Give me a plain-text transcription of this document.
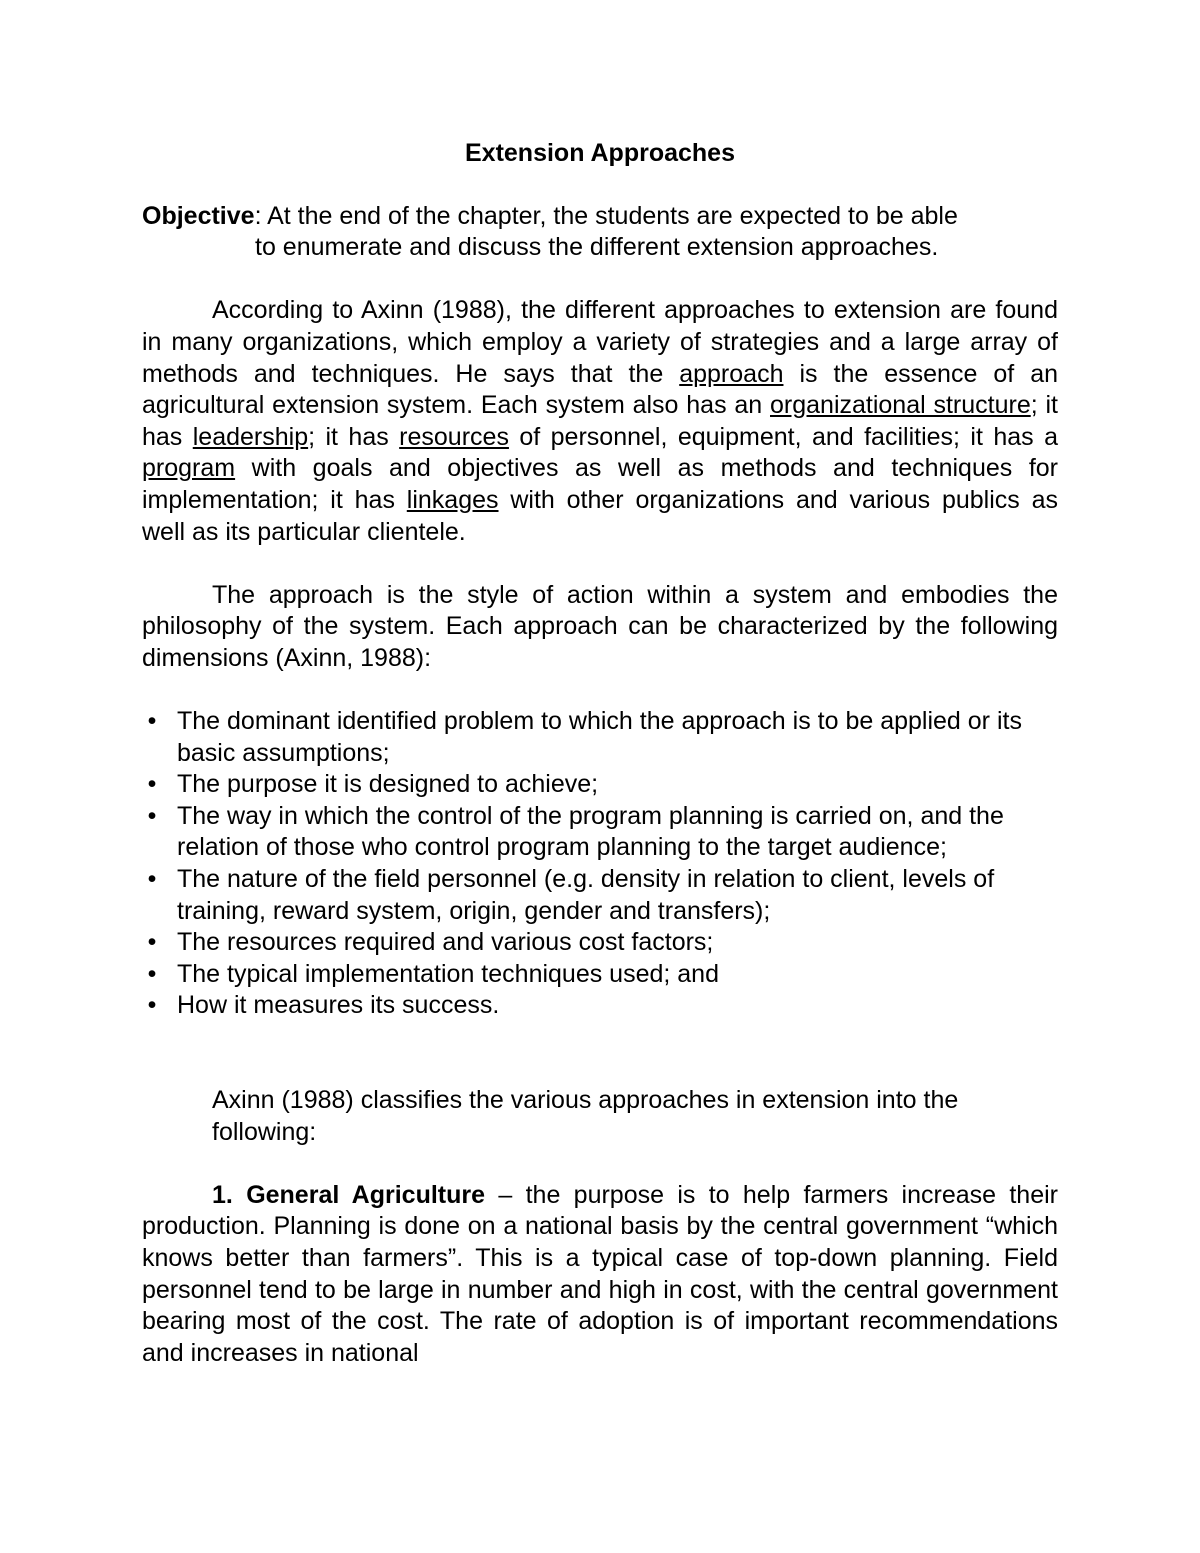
Extension Approaches
Objective: At the end of the chapter, the students are expected to be able
to enumerate and discuss the different extension approaches.

According to Axinn (1988), the different approaches to extension are found in many organizations, which employ a variety of strategies and a large array of methods and techniques. He says that the approach is the essence of an agricultural extension system. Each system also has an organizational structure; it has leadership; it has resources of personnel, equipment, and facilities; it has a program with goals and objectives as well as methods and techniques for implementation; it has linkages with other organizations and various publics as well as its particular clientele.

The approach is the style of action within a system and embodies the philosophy of the system. Each approach can be characterized by the following dimensions (Axinn, 1988):

• The dominant identified problem to which the approach is to be applied or its basic assumptions;
• The purpose it is designed to achieve;
• The way in which the control of the program planning is carried on, and the relation of those who control program planning to the target audience;
• The nature of the field personnel (e.g. density in relation to client, levels of training, reward system, origin, gender and transfers);
• The resources required and various cost factors;
• The typical implementation techniques used; and
• How it measures its success.

Axinn (1988) classifies the various approaches in extension into the following:

1. General Agriculture – the purpose is to help farmers increase their production. Planning is done on a national basis by the central government “which knows better than farmers”. This is a typical case of top-down planning. Field personnel tend to be large in number and high in cost, with the central government bearing most of the cost. The rate of adoption is of important recommendations and increases in national
